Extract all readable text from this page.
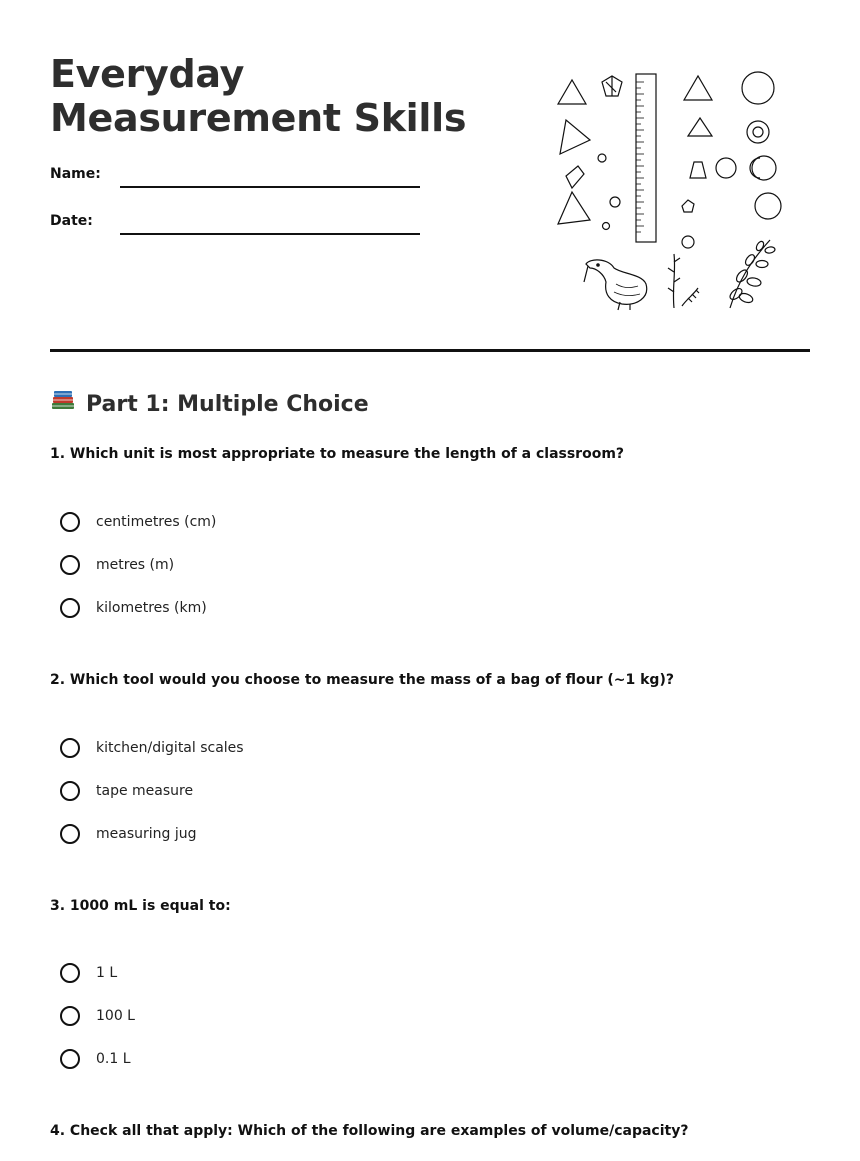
Everyday Measurement Skills
Name:
Date:
Part 1: Multiple Choice

1. Which unit is most appropriate to measure the length of a classroom?

centimetres (cm)
metres (m)
kilometres (km)

2. Which tool would you choose to measure the mass of a bag of flour (~1 kg)?

kitchen/digital scales
tape measure
measuring jug

3. 1000 mL is equal to:

1 L
100 L
0.1 L

4. Check all that apply: Which of the following are examples of volume/capacity?
